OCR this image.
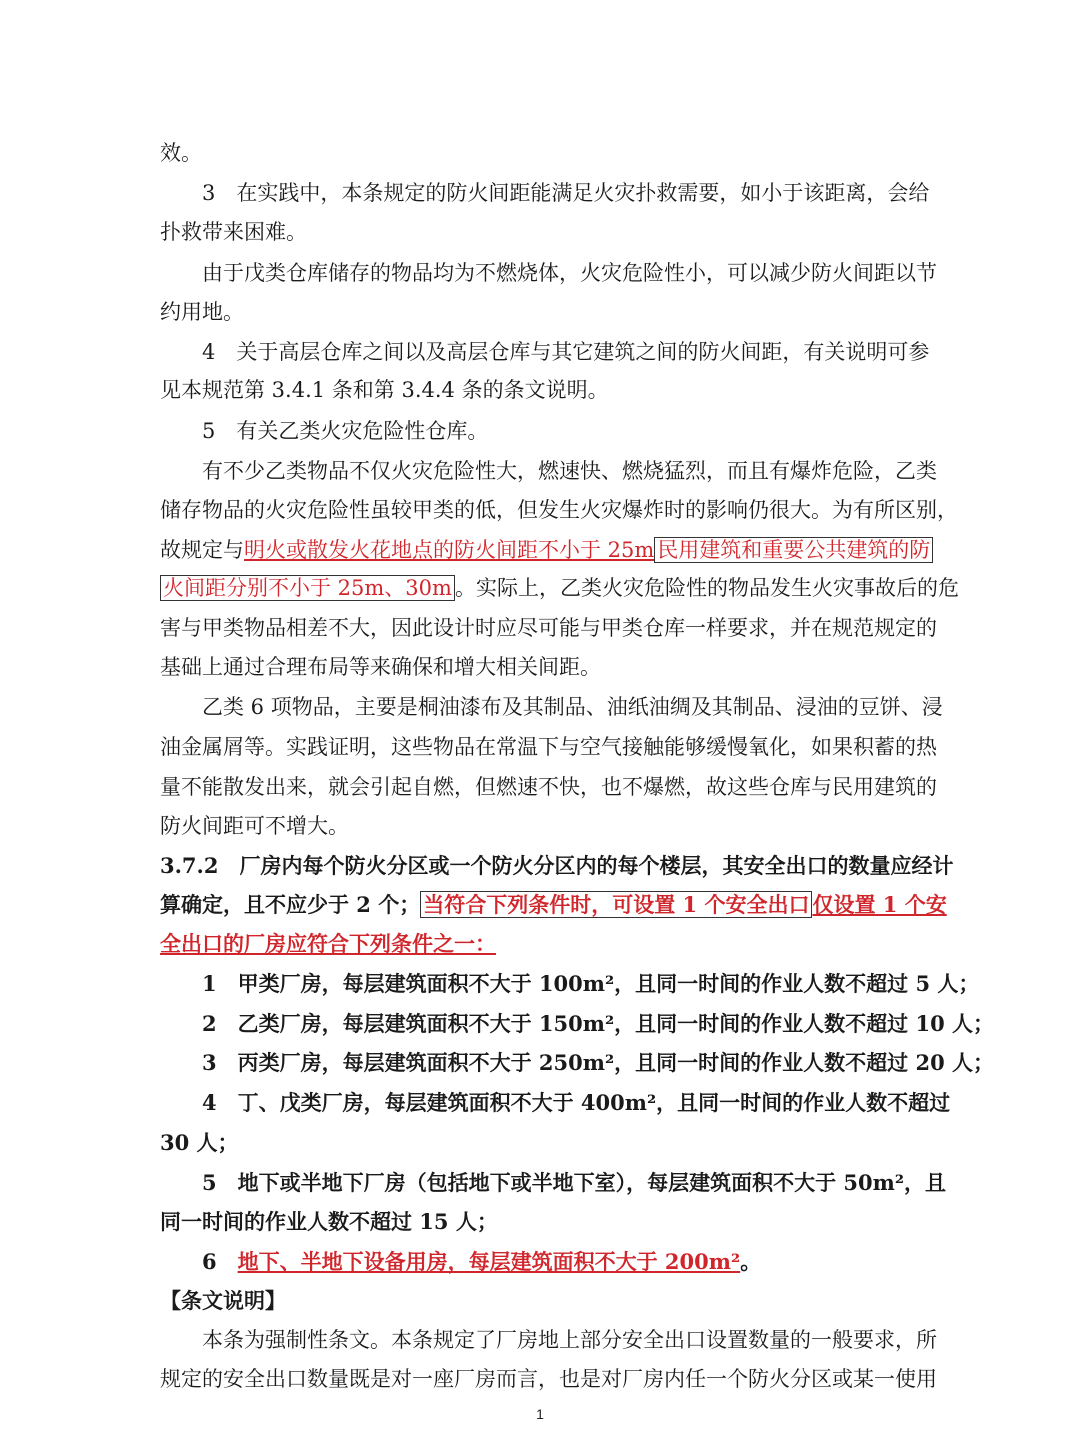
效。
3　在实践中，本条规定的防火间距能满足火灾扑救需要，如小于该距离，会给
扑救带来困难。
由于戊类仓库储存的物品均为不燃烧体，火灾危险性小，可以减少防火间距以节
约用地。
4　关于高层仓库之间以及高层仓库与其它建筑之间的防火间距，有关说明可参
见本规范第 3.4.1 条和第 3.4.4 条的条文说明。
5　有关乙类火灾危险性仓库。
有不少乙类物品不仅火灾危险性大，燃速快、燃烧猛烈，而且有爆炸危险，乙类
储存物品的火灾危险性虽较甲类的低，但发生火灾爆炸时的影响仍很大。为有所区别，
故规定与明火或散发火花地点的防火间距不小于 25m 民用建筑和重要公共建筑的防
火间距分别不小于 25m、30m 。实际上，乙类火灾危险性的物品发生火灾事故后的危
害与甲类物品相差不大，因此设计时应尽可能与甲类仓库一样要求，并在规范规定的
基础上通过合理布局等来确保和增大相关间距。
乙类 6 项物品，主要是桐油漆布及其制品、油纸油绸及其制品、浸油的豆饼、浸
油金属屑等。实践证明，这些物品在常温下与空气接触能够缓慢氧化，如果积蓄的热
量不能散发出来，就会引起自燃，但燃速不快，也不爆燃，故这些仓库与民用建筑的
防火间距可不增大。
3.7.2　厂房内每个防火分区或一个防火分区内的每个楼层，其安全出口的数量应经计
算确定，且不应少于 2 个； 当符合下列条件时，可设置 1 个安全出口 仅设置 1 个安
全出口的厂房应符合下列条件之一：
1　甲类厂房，每层建筑面积不大于 100m²，且同一时间的作业人数不超过 5 人；
2　乙类厂房，每层建筑面积不大于 150m²，且同一时间的作业人数不超过 10 人；
3　丙类厂房，每层建筑面积不大于 250m²，且同一时间的作业人数不超过 20 人；
4　丁、戊类厂房，每层建筑面积不大于 400m²，且同一时间的作业人数不超过
30 人；
5　地下或半地下厂房（包括地下或半地下室），每层建筑面积不大于 50m²，且
同一时间的作业人数不超过 15 人；
6　地下、半地下设备用房，每层建筑面积不大于 200m²。
【条文说明】
本条为强制性条文。本条规定了厂房地上部分安全出口设置数量的一般要求，所
规定的安全出口数量既是对一座厂房而言，也是对厂房内任一个防火分区或某一使用
1
